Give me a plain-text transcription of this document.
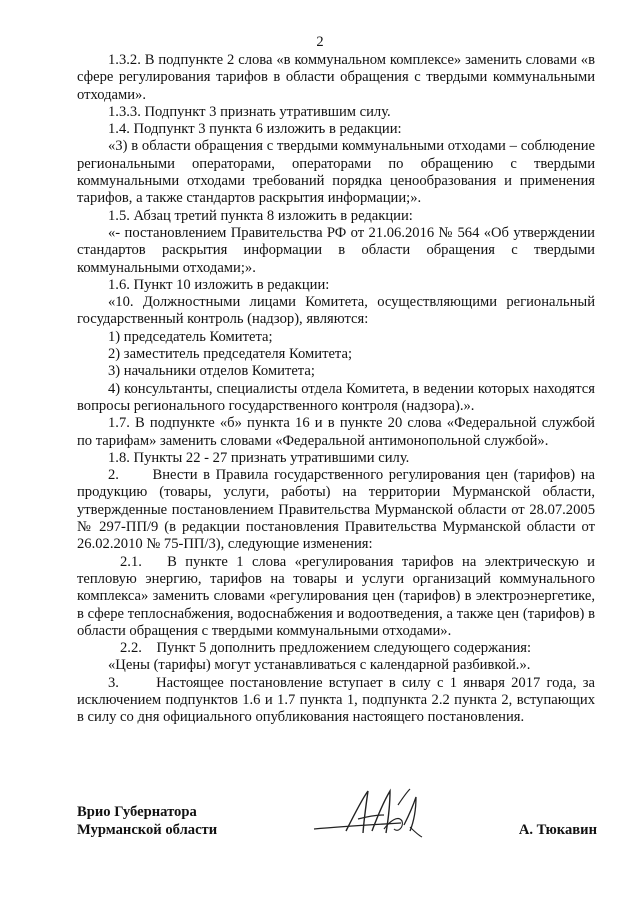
2

1.3.2. В подпункте 2 слова «в коммунальном комплексе» заменить словами «в сфере регулирования тарифов в области обращения с твердыми коммунальными отходами».

1.3.3. Подпункт 3 признать утратившим силу.

1.4. Подпункт 3 пункта 6 изложить в редакции:

«3) в области обращения с твердыми коммунальными отходами – соблюдение региональными операторами, операторами по обращению с твердыми коммунальными отходами требований порядка ценообразования и применения тарифов, а также стандартов раскрытия информации;».

1.5. Абзац третий пункта 8 изложить в редакции:

«- постановлением Правительства РФ от 21.06.2016 № 564 «Об утверждении стандартов раскрытия информации в области обращения с твердыми коммунальными отходами;».

1.6. Пункт 10 изложить в редакции:

«10. Должностными лицами Комитета, осуществляющими региональный государственный контроль (надзор), являются:

1) председатель Комитета;

2) заместитель председателя Комитета;

3) начальники отделов Комитета;

4) консультанты, специалисты отдела Комитета, в ведении которых находятся вопросы регионального государственного контроля (надзора).».

1.7. В подпункте «б» пункта 16 и в пункте 20 слова «Федеральной службой по тарифам» заменить словами «Федеральной антимонопольной службой».

1.8. Пункты 22 - 27 признать утратившими силу.

2.      Внести в Правила государственного регулирования цен (тарифов) на продукцию (товары, услуги, работы) на территории Мурманской области, утвержденные постановлением Правительства Мурманской области от 28.07.2005 № 297-ПП/9 (в редакции постановления Правительства Мурманской области от 26.02.2010 № 75-ПП/3), следующие изменения:

2.1.   В пункте 1 слова «регулирования тарифов на электрическую и тепловую энергию, тарифов на товары и услуги организаций коммунального комплекса» заменить словами «регулирования цен (тарифов) в электроэнергетике, в сфере теплоснабжения, водоснабжения и водоотведения, а также цен (тарифов) в области обращения с твердыми коммунальными отходами».

2.2.    Пункт 5 дополнить предложением следующего содержания:

«Цены (тарифы) могут устанавливаться с календарной разбивкой.».

3.      Настоящее постановление вступает в силу с 1 января 2017 года, за исключением подпунктов 1.6 и 1.7 пункта 1, подпункта 2.2 пункта 2, вступающих в силу со дня официального опубликования настоящего постановления.

Врио Губернатора
Мурманской области	А. Тюкавин
